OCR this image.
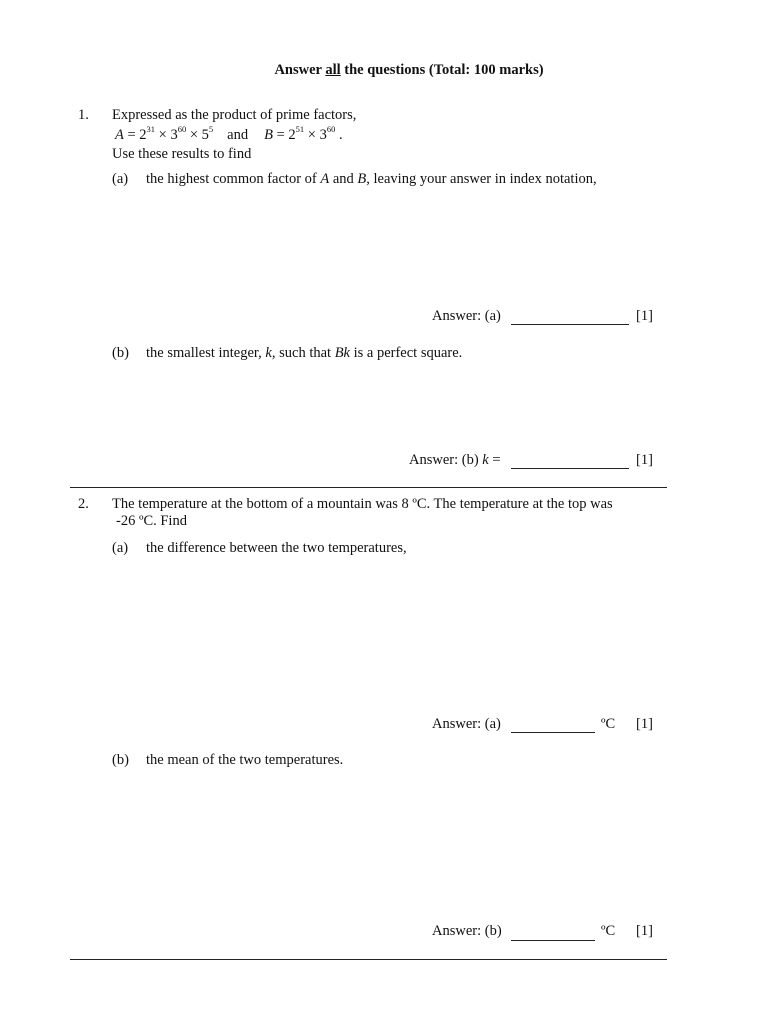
Answer all the questions (Total: 100 marks)
1. Expressed as the product of prime factors,
$A = 2^{31} \times 3^{60} \times 5^5$ and $B = 2^{51} \times 3^{60}$ .
Use these results to find
(a) the highest common factor of A and B, leaving your answer in index notation,
Answer: (a)	[1]
(b) the smallest integer, k, such that Bk is a perfect square.
Answer: (b) k =	[1]
2. The temperature at the bottom of a mountain was 8 ºC. The temperature at the top was
-26 ºC. Find
(a) the difference between the two temperatures,
Answer: (a)	ºC [1]
(b) the mean of the two temperatures.
Answer: (b)	ºC [1]
